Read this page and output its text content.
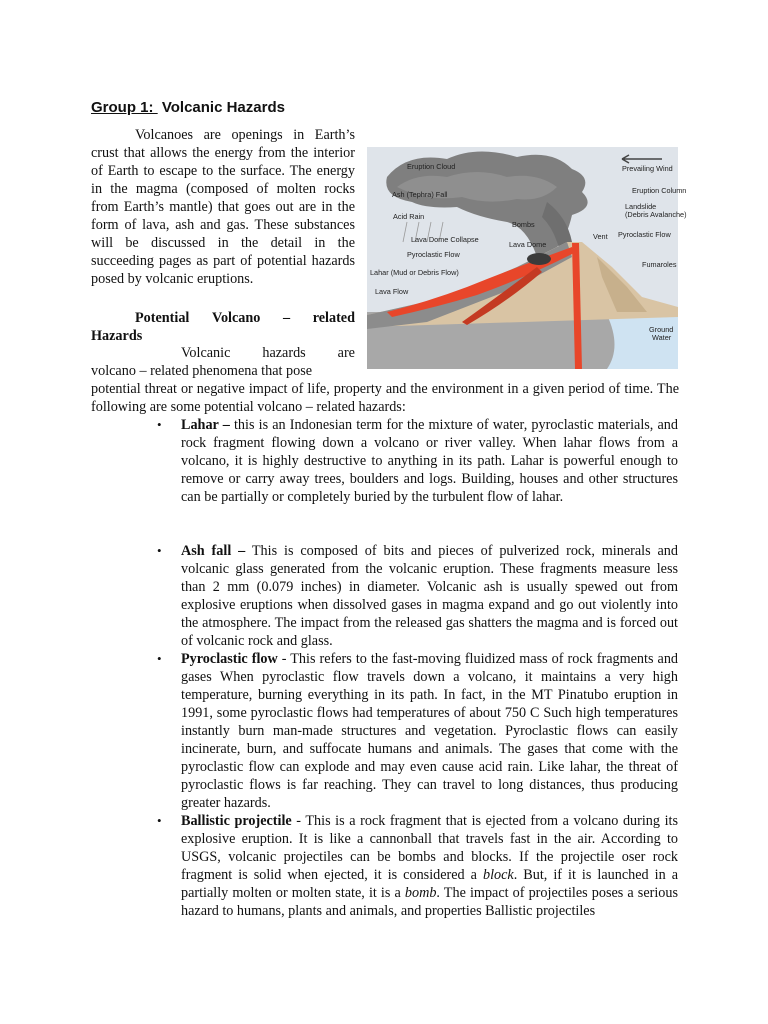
Group 1: Volcanic Hazards

Volcanoes are openings in Earth’s crust that allows the energy from the interior of Earth to escape to the surface. The energy in the magma (composed of molten rocks from Earth’s mantle) that goes out are in the form of lava, ash and gas. These substances will be discussed in the detail in the succeeding pages as part of potential hazards posed by volcanic eruptions.

Eruption Cloud	Prevailing Wind
Ash (Tephra) Fall	Eruption Column
Acid Rain
Bombs
Landslide
(Debris Avalanche)
Vent
Lava Dome Collapse
Lava Dome
Pyroclastic Flow
Pyroclastic Flow
Lahar (Mud or Debris Flow)
Fumaroles
Lava Flow
Ground
Water
Potential Volcano – related
Hazards
Volcanic hazards are
volcano – related phenomena that pose
potential threat or negative impact of life, property and the environment in a given period of time. The following are some potential volcano – related hazards:
• Lahar – this is an Indonesian term for the mixture of water, pyroclastic materials, and rock fragment flowing down a volcano or river valley. When lahar flows from a volcano, it is highly destructive to anything in its path. Lahar is powerful enough to remove or carry away trees, boulders and logs. Building, houses and other structures can be partially or completely buried by the turbulent flow of lahar.
• Ash fall – This is composed of bits and pieces of pulverized rock, minerals and volcanic glass generated from the volcanic eruption. These fragments measure less than 2 mm (0.079 inches) in diameter. Volcanic ash is usually spewed out from explosive eruptions when dissolved gases in magma expand and go out violently into the atmosphere. The impact from the released gas shatters the magma and is forced out of volcanic rock and glass.
• Pyroclastic flow - This refers to the fast-moving fluidized mass of rock fragments and gases When pyroclastic flow travels down a volcano, it maintains a very high temperature, burning everything in its path. In fact, in the MT Pinatubo eruption in 1991, some pyroclastic flows had temperatures of about 750 C Such high temperatures instantly burn man-made structures and vegetation. Pyroclastic flows can easily incinerate, burn, and suffocate humans and animals. The gases that come with the pyroclastic flow can explode and may even cause acid rain. Like lahar, the threat of pyroclastic flows is far reaching. They can travel to long distances, thus producing greater hazards.
• Ballistic projectile - This is a rock fragment that is ejected from a volcano during its explosive eruption. It is like a cannonball that travels fast in the air. According to USGS, volcanic projectiles can be bombs and blocks. If the projectile oser rock fragment is solid when ejected, it is considered a block. But, if it is launched in a partially molten or molten state, it is a bomb. The impact of projectiles poses a serious hazard to humans, plants and animals, and properties Ballistic projectiles
